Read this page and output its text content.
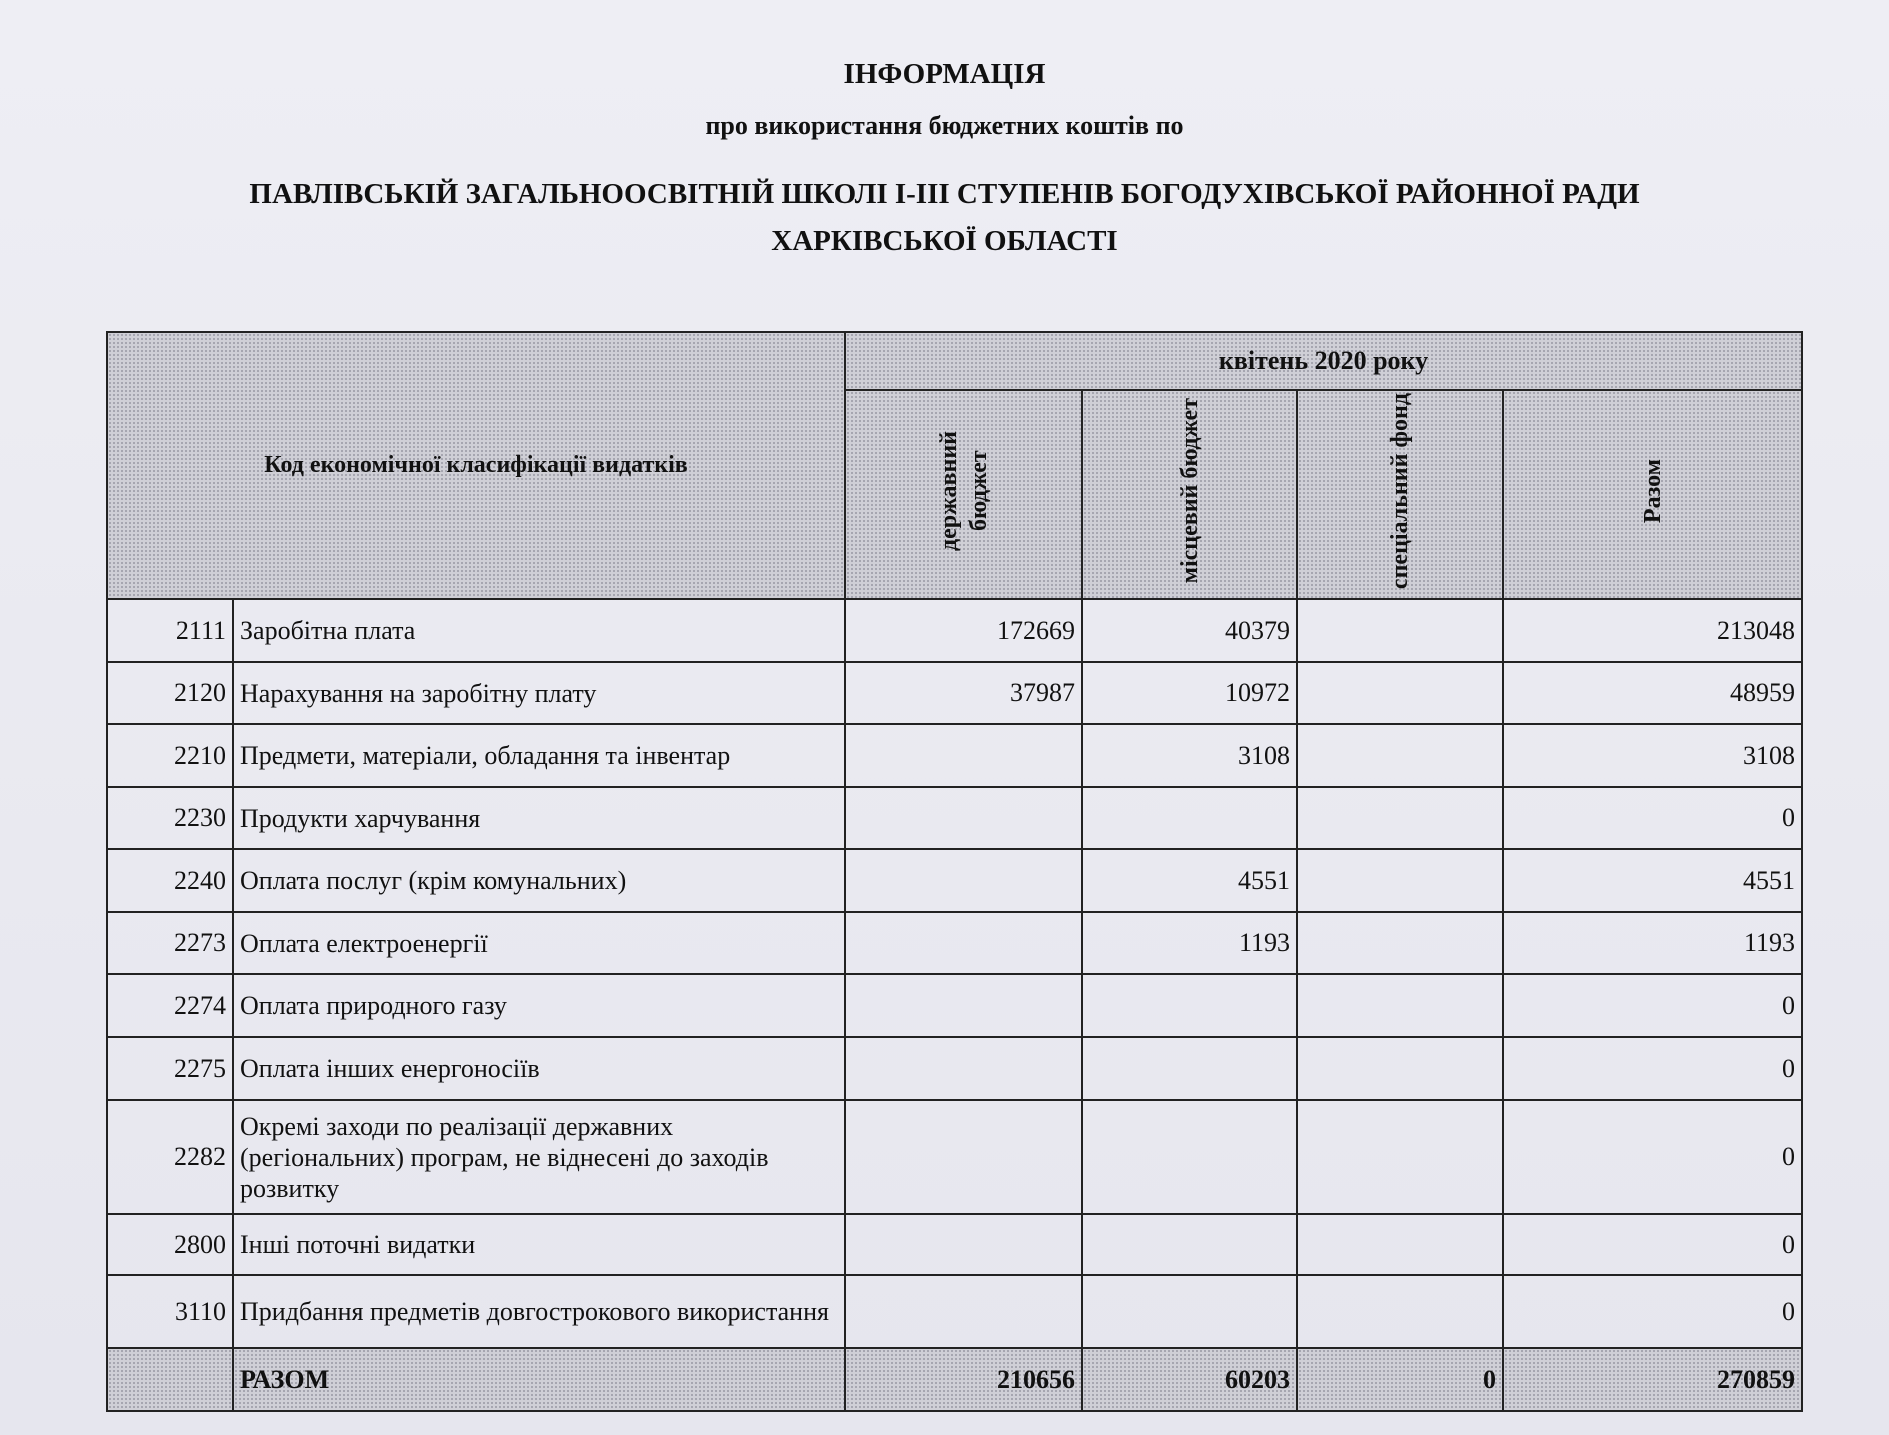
ІНФОРМАЦІЯ
про використання бюджетних коштів по
ПАВЛІВСЬКІЙ ЗАГАЛЬНООСВІТНІЙ ШКОЛІ І-ІІІ СТУПЕНІВ БОГОДУХІВСЬКОЇ РАЙОННОЇ РАДИ
ХАРКІВСЬКОЇ ОБЛАСТІ
Код економічної класифікації видатків		квітень 2020 року			
		державний бюджет	місцевий бюджет	спеціальний фонд	Разом
2111	Заробітна плата	172669	40379		213048
2120	Нарахування на заробітну плату	37987	10972		48959
2210	Предмети, матеріали, обладання та інвентар		3108		3108
2230	Продукти харчування				0
2240	Оплата послуг (крім комунальних)		4551		4551
2273	Оплата електроенергії		1193		1193
2274	Оплата природного газу				0
2275	Оплата інших енергоносіїв				0
2282	Окремі заходи по реалізації державних (регіональних) програм, не віднесені до заходів розвитку				0
2800	Інші поточні видатки				0
3110	Придбання предметів довгострокового використання				0
	РАЗОМ	210656	60203	0	270859
